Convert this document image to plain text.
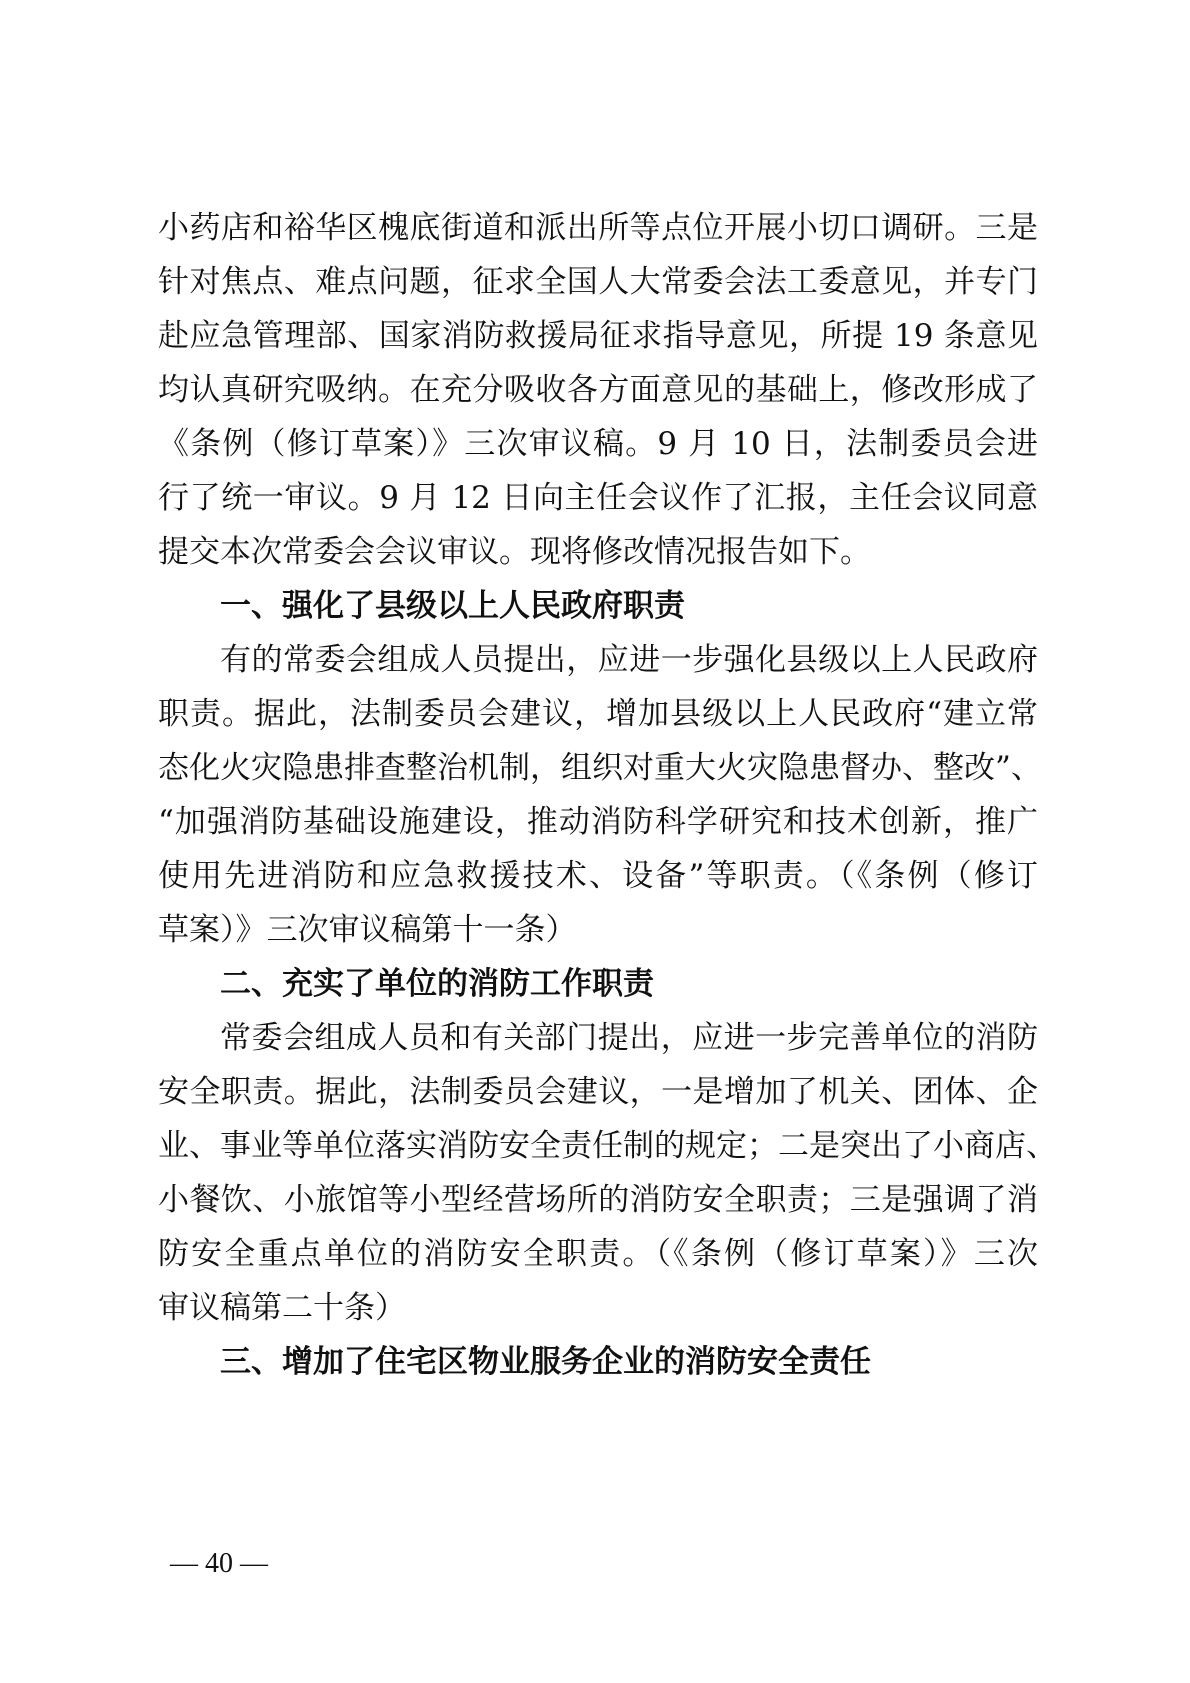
小药店和裕华区槐底街道和派出所等点位开展小切口调研。三是
针对焦点、难点问题，征求全国人大常委会法工委意见，并专门
赴应急管理部、国家消防救援局征求指导意见，所提 19 条意见
均认真研究吸纳。在充分吸收各方面意见的基础上，修改形成了
《条例（修订草案）》三次审议稿。9 月 10 日，法制委员会进
行了统一审议。9 月 12 日向主任会议作了汇报，主任会议同意
提交本次常委会会议审议。现将修改情况报告如下。
一、强化了县级以上人民政府职责
有的常委会组成人员提出，应进一步强化县级以上人民政府
职责。据此，法制委员会建议，增加县级以上人民政府“建立常
态化火灾隐患排查整治机制，组织对重大火灾隐患督办、整改”、
“加强消防基础设施建设，推动消防科学研究和技术创新，推广
使用先进消防和应急救援技术、设备”等职责。（《条例（修订
草案）》三次审议稿第十一条）
二、充实了单位的消防工作职责
常委会组成人员和有关部门提出，应进一步完善单位的消防
安全职责。据此，法制委员会建议，一是增加了机关、团体、企
业、事业等单位落实消防安全责任制的规定；二是突出了小商店、
小餐饮、小旅馆等小型经营场所的消防安全职责；三是强调了消
防安全重点单位的消防安全职责。（《条例（修订草案）》三次
审议稿第二十条）
三、增加了住宅区物业服务企业的消防安全责任
— 40 —
